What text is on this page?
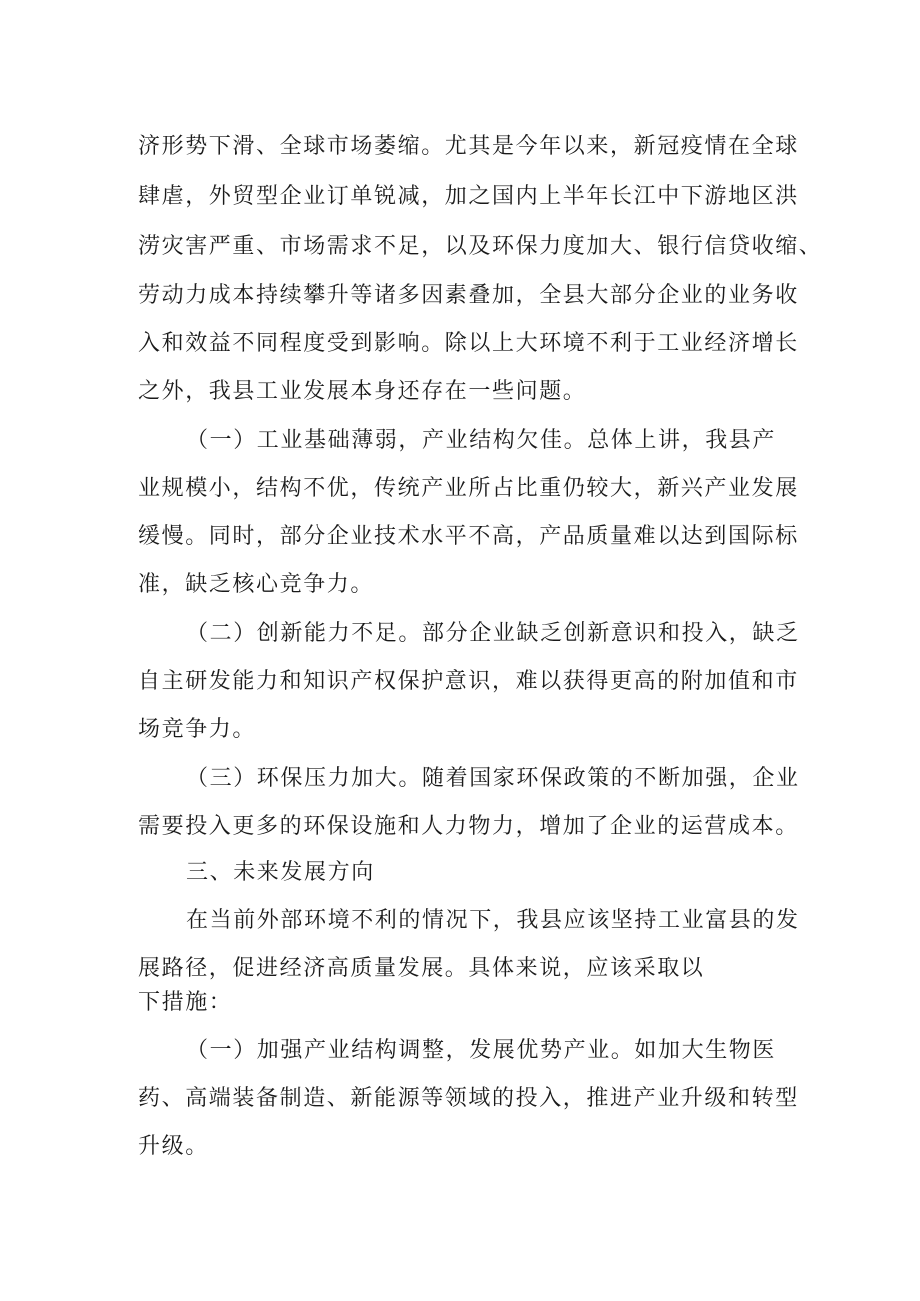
济形势下滑、全球市场萎缩。尤其是今年以来，新冠疫情在全球
肆虐，外贸型企业订单锐减，加之国内上半年长江中下游地区洪
涝灾害严重、市场需求不足，以及环保力度加大、银行信贷收缩、
劳动力成本持续攀升等诸多因素叠加，全县大部分企业的业务收
入和效益不同程度受到影响。除以上大环境不利于工业经济增长
之外，我县工业发展本身还存在一些问题。
（一）工业基础薄弱，产业结构欠佳。总体上讲，我县产
业规模小，结构不优，传统产业所占比重仍较大，新兴产业发展
缓慢。同时，部分企业技术水平不高，产品质量难以达到国际标
准，缺乏核心竞争力。
（二）创新能力不足。部分企业缺乏创新意识和投入，缺乏
自主研发能力和知识产权保护意识，难以获得更高的附加值和市
场竞争力。
（三）环保压力加大。随着国家环保政策的不断加强，企业
需要投入更多的环保设施和人力物力，增加了企业的运营成本。
三、未来发展方向
在当前外部环境不利的情况下，我县应该坚持工业富县的发
展路径，促进经济高质量发展。具体来说，应该采取以
下措施：
（一）加强产业结构调整，发展优势产业。如加大生物医
药、高端装备制造、新能源等领域的投入，推进产业升级和转型
升级。
